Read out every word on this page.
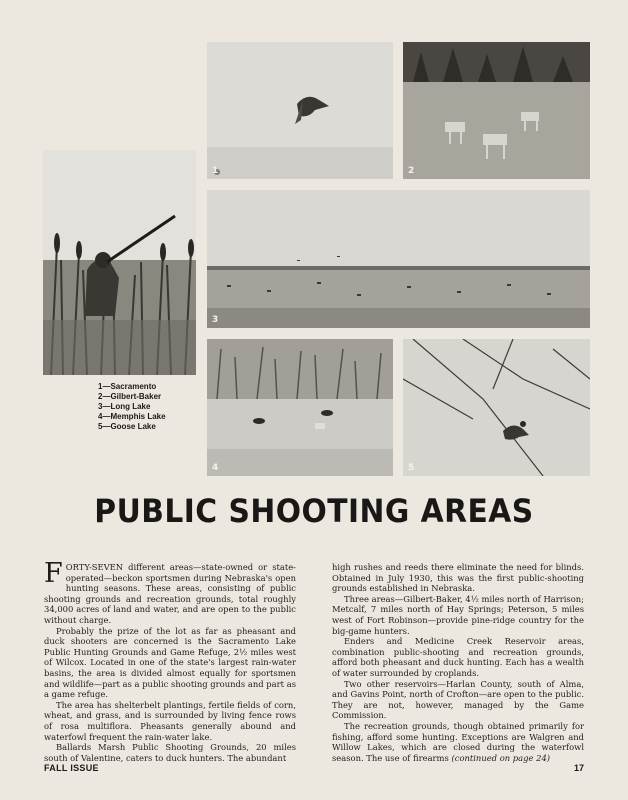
1	2
3
4	5
1—Sacramento
2—Gilbert-Baker
3—Long Lake
4—Memphis Lake
5—Goose Lake
PUBLIC SHOOTING AREAS

FORTY-SEVEN different areas—state-owned or state-operated—beckon sportsmen during Nebraska's open hunting seasons. These areas, consisting of public shooting grounds and recreation grounds, total roughly 34,000 acres of land and water, and are open to the public without charge.

Probably the prize of the lot as far as pheasant and duck shooters are concerned is the Sacramento Lake Public Hunting Grounds and Game Refuge, 2½ miles west of Wilcox. Located in one of the state's largest rain-water basins, the area is divided almost equally for sportsmen and wildlife—part as a public shooting grounds and part as a game refuge.

The area has shelterbelt plantings, fertile fields of corn, wheat, and grass, and is surrounded by living fence rows of rosa multiflora. Pheasants generally abound and waterfowl frequent the rain-water lake.

Ballards Marsh Public Shooting Grounds, 20 miles south of Valentine, caters to duck hunters. The abundant

high rushes and reeds there eliminate the need for blinds. Obtained in July 1930, this was the first public-shooting grounds established in Nebraska.

Three areas—Gilbert-Baker, 4½ miles north of Harrison; Metcalf, 7 miles north of Hay Springs; Peterson, 5 miles west of Fort Robinson—provide pine-ridge country for the big-game hunters.

Enders and Medicine Creek Reservoir areas, combination public-shooting and recreation grounds, afford both pheasant and duck hunting. Each has a wealth of water surrounded by croplands.

Two other reservoirs—Harlan County, south of Alma, and Gavins Point, north of Crofton—are open to the public. They are not, however, managed by the Game Commission.

The recreation grounds, though obtained primarily for fishing, afford some hunting. Exceptions are Walgren and Willow Lakes, which are closed during the waterfowl season. The use of firearms (continued on page 24)

FALL ISSUE	17
